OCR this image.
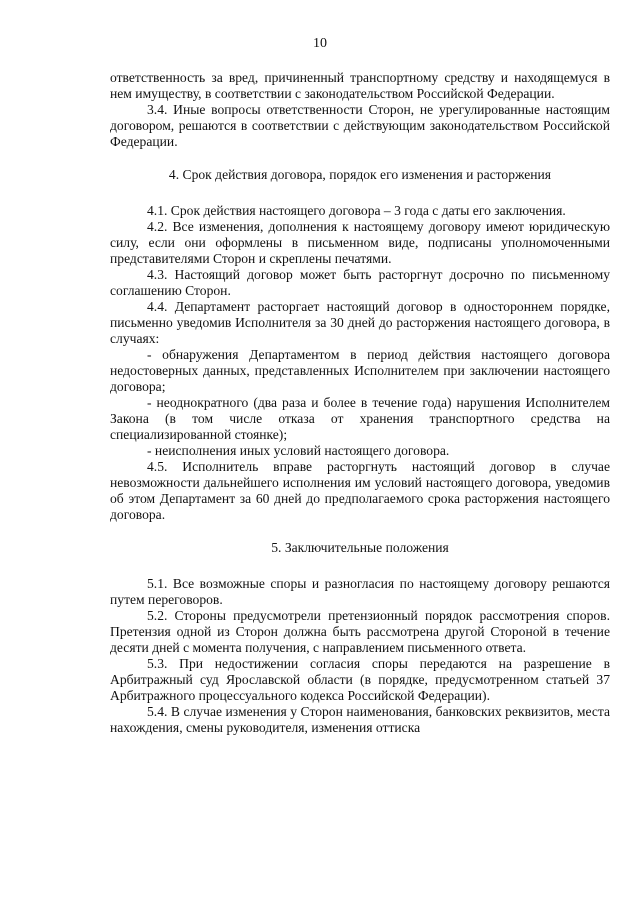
10

ответственность за вред, причиненный транспортному средству и находящемуся в нем имуществу, в соответствии с законодательством Российской Федерации.

3.4. Иные вопросы ответственности Сторон, не урегулированные настоящим договором, решаются в соответствии с действующим законодательством Российской Федерации.

4. Срок действия договора, порядок его изменения и расторжения

4.1. Срок действия настоящего договора – 3 года с даты его заключения.

4.2. Все изменения, дополнения к настоящему договору имеют юридическую силу, если они оформлены в письменном виде, подписаны уполномоченными представителями Сторон и скреплены печатями.

4.3. Настоящий договор может быть расторгнут досрочно по письменному соглашению Сторон.

4.4. Департамент расторгает настоящий договор в одностороннем порядке, письменно уведомив Исполнителя за 30 дней до расторжения настоящего договора, в случаях:

- обнаружения Департаментом в период действия настоящего договора недостоверных данных, представленных Исполнителем при заключении настоящего договора;

- неоднократного (два раза и более в течение года) нарушения Исполнителем Закона (в том числе отказа от хранения транспортного средства на специализированной стоянке);

- неисполнения иных условий настоящего договора.

4.5. Исполнитель вправе расторгнуть настоящий договор в случае невозможности дальнейшего исполнения им условий настоящего договора, уведомив об этом Департамент за 60 дней до предполагаемого срока расторжения настоящего договора.

5. Заключительные положения

5.1. Все возможные споры и разногласия по настоящему договору решаются путем переговоров.

5.2. Стороны предусмотрели претензионный порядок рассмотрения споров. Претензия одной из Сторон должна быть рассмотрена другой Стороной в течение десяти дней с момента получения, с направлением письменного ответа.

5.3. При недостижении согласия споры передаются на разрешение в Арбитражный суд Ярославской области (в порядке, предусмотренном статьей 37 Арбитражного процессуального кодекса Российской Федерации).

5.4. В случае изменения у Сторон наименования, банковских реквизитов, места нахождения, смены руководителя, изменения оттиска
